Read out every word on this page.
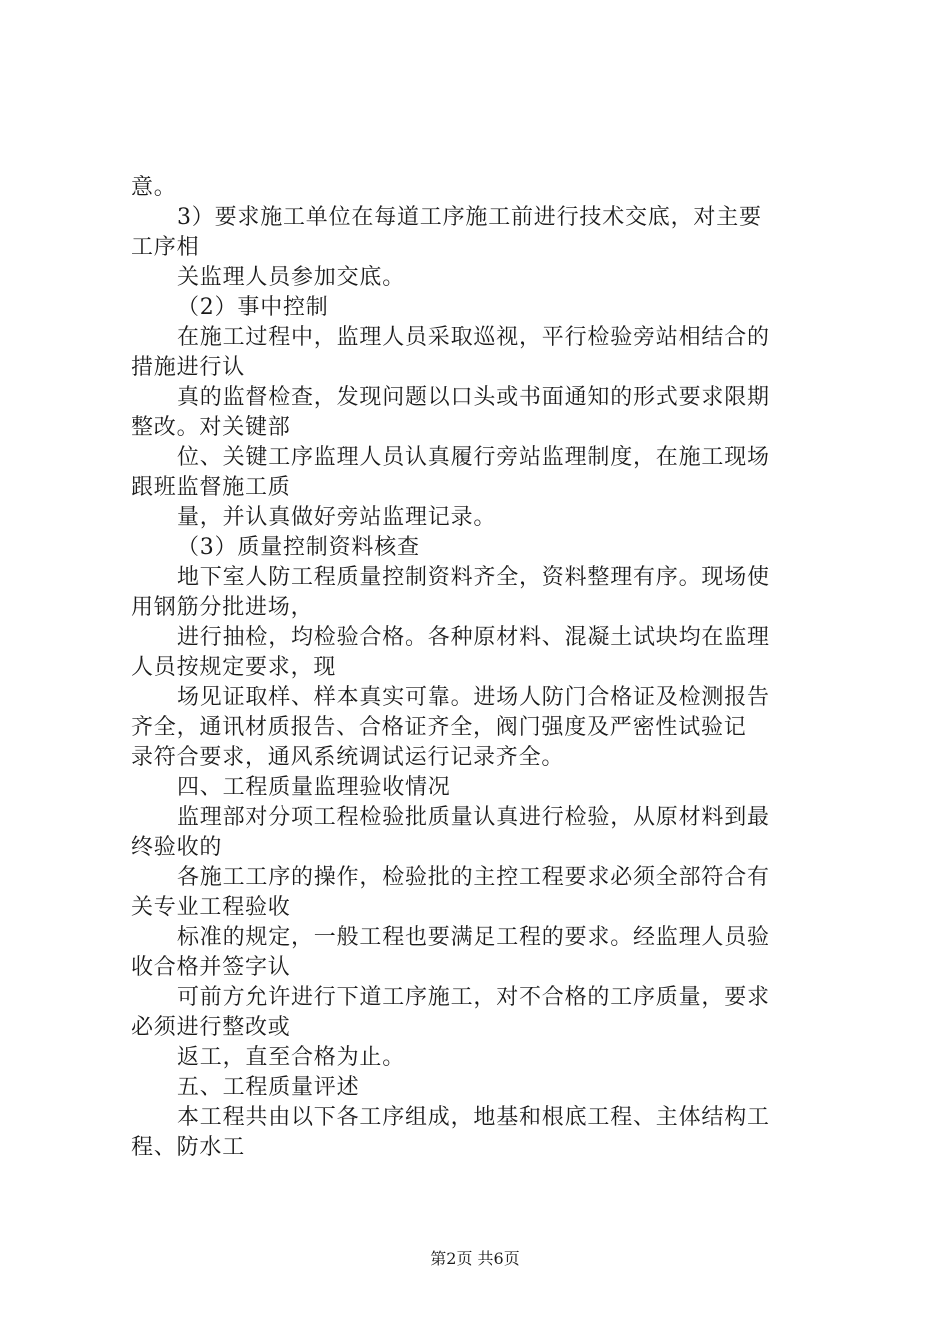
意。
3）要求施工单位在每道工序施工前进行技术交底，对主要
工序相
关监理人员参加交底。
（2）事中控制
在施工过程中，监理人员采取巡视，平行检验旁站相结合的
措施进行认
真的监督检查，发现问题以口头或书面通知的形式要求限期
整改。对关键部
位、关键工序监理人员认真履行旁站监理制度，在施工现场
跟班监督施工质
量，并认真做好旁站监理记录。
（3）质量控制资料核查
地下室人防工程质量控制资料齐全，资料整理有序。现场使
用钢筋分批进场，
进行抽检，均检验合格。各种原材料、混凝土试块均在监理
人员按规定要求，现
场见证取样、样本真实可靠。进场人防门合格证及检测报告
齐全，通讯材质报告、合格证齐全，阀门强度及严密性试验记
录符合要求，通风系统调试运行记录齐全。
四、工程质量监理验收情况
监理部对分项工程检验批质量认真进行检验，从原材料到最
终验收的
各施工工序的操作，检验批的主控工程要求必须全部符合有
关专业工程验收
标准的规定，一般工程也要满足工程的要求。经监理人员验
收合格并签字认
可前方允许进行下道工序施工，对不合格的工序质量，要求
必须进行整改或
返工，直至合格为止。
五、工程质量评述
本工程共由以下各工序组成，地基和根底工程、主体结构工
程、防水工
第2页 共6页
